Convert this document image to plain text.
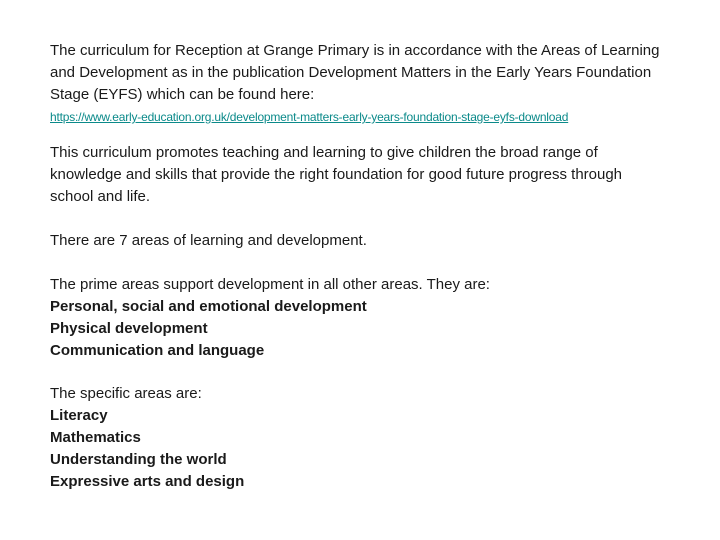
The curriculum for Reception at Grange Primary is in accordance with the Areas of Learning and Development as in the publication Development Matters in the Early Years Foundation Stage (EYFS) which can be found here:

https://www.early-education.org.uk/development-matters-early-years-foundation-stage-eyfs-download

This curriculum promotes teaching and learning to give children the broad range of knowledge and skills that provide the right foundation for good future progress through school and life.

There are 7 areas of learning and development.

The prime areas support development in all other areas. They are:

Personal, social and emotional development
Physical development
Communication and language

The specific areas are:

Literacy
Mathematics
Understanding the world
Expressive arts and design
